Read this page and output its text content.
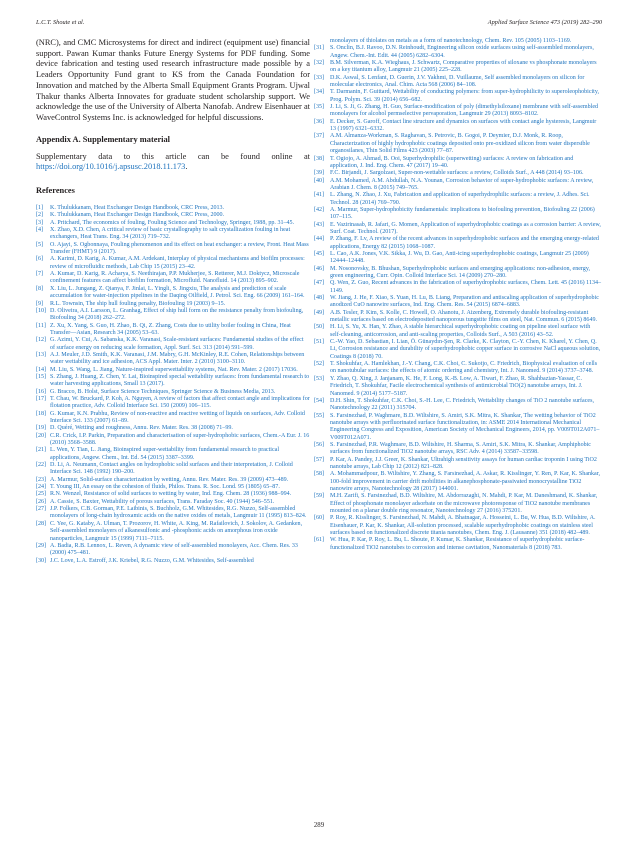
L.C.T. Shoute et al.	Applied Surface Science 473 (2019) 282–290

(NRC), and CMC Microsystems for direct and indirect (equipment use) financial support. Pawan Kumar thanks Future Energy Systems for PDF funding. Some device fabrication and testing used research infrastructure made possible by a Leaders Opportunity Fund grant to KS from the Canada Foundation for Innovation and matched by the Alberta Small Equipment Grants Program. Ujwal Thakur thanks Alberta Innovates for graduate student scholarship support. We acknowledge the use of the University of Alberta Nanofab. Andrew Eisenhauer at WaveControl Systems Inc. is acknowledged for helpful discussions.

Appendix A. Supplementary material

Supplementary data to this article can be found online at https://doi.org/10.1016/j.apsusc.2018.11.173.

References
[1]	K. Thulukkanam, Heat Exchanger Design Handbook, CRC Press, 2013.
[2]	K. Thulukkanam, Heat Exchanger Design Handbook, CRC Press, 2000.
[3]	A. Pritchard, The economics of fouling, Fouling Science and Technology, Springer, 1988, pp. 31–45.
[4]	X. Zhao, X.D. Chen, A critical review of basic crystallography to salt crystallization fouling in heat exchangers, Heat Trans. Eng. 34 (2013) 719–732.
[5]	O. Ajayi, S. Ogbonnaya, Fouling phenomenon and its effect on heat exchanger: a review, Front. Heat Mass Transfer (FHMT) 9 (2017).
[6]	A. Karimi, D. Karig, A. Kumar, A.M. Ardekani, Interplay of physical mechanisms and biofilm processes: review of microfluidic methods, Lab Chip 15 (2015) 23–42.
[7]	A. Kumar, D. Karig, R. Acharya, S. Neethirajan, P.P. Mukherjee, S. Retterer, M.J. Doktycz, Microscale confinement features can affect biofilm formation, Microfluid. Nanofluid. 14 (2013) 895–902.
[8]	X. Liu, L. Jungang, Z. Qianya, F. Jinlai, L. Yingli, S. Jingxiu, The analysis and prediction of scale accumulation for water-injection pipelines in the Daqing Oilfield, J. Petrol. Sci. Eng. 66 (2009) 161–164.
[9]	R.L. Townsin, The ship hull fouling penalty, Biofouling 19 (2003) 9–15.
[10] D. Oliveira, A.I. Larsson, L. Granhag, Effect of ship hull form on the resistance penalty from biofouling, Biofouling 34 (2018) 262–272.
[11] Z. Xu, X. Yang, S. Guo, H. Zhao, B. Qi, Z. Zhang, Costs due to utility boiler fouling in China, Heat Transfer—Asian, Research 34 (2005) 53–63.
[12] G. Azimi, Y. Cui, A. Sabanska, K.K. Varanasi, Scale-resistant surfaces: Fundamental studies of the effect of surface energy on reducing scale formation, Appl. Surf. Sci. 313 (2014) 591–599.
[13] A.J. Meuler, J.D. Smith, K.K. Varanasi, J.M. Mabry, G.H. McKinley, R.E. Cohen, Relationships between water wettability and ice adhesion, ACS Appl. Mater. Inter. 2 (2010) 3100–3110.
[14] M. Liu, S. Wang, L. Jiang, Nature-inspired superwettability systems, Nat. Rev. Mater. 2 (2017) 17036.
[15] S. Zhang, J. Huang, Z. Chen, Y. Lai, Bioinspired special wettability surfaces: from fundamental research to water harvesting applications, Small 13 (2017).
[16] G. Bracco, B. Holst, Surface Science Techniques, Springer Science & Business Media, 2013.
[17] T. Chau, W. Bruckard, P. Koh, A. Nguyen, A review of factors that affect contact angle and implications for flotation practice, Adv. Colloid Interface Sci. 150 (2009) 106–115.
[18] G. Kumar, K.N. Prabhu, Review of non-reactive and reactive wetting of liquids on surfaces, Adv. Colloid Interface Sci. 133 (2007) 61–89.
[19] D. Quéré, Wetting and roughness, Annu. Rev. Mater. Res. 38 (2008) 71–99.
[20] C.R. Crick, I.P. Parkin, Preparation and characterisation of super-hydrophobic surfaces, Chem.-A Eur. J. 16 (2010) 3568–3588.
[21] L. Wen, Y. Tian, L. Jiang, Bioinspired super-wettability from fundamental research to practical applications, Angew. Chem., Int. Ed. 54 (2015) 3387–3399.
[22] D. Li, A. Neumann, Contact angles on hydrophobic solid surfaces and their interpretation, J. Colloid Interface Sci. 148 (1992) 190–200.
[23] A. Marmur, Solid-surface characterization by wetting, Annu. Rev. Mater. Res. 39 (2009) 473–489.
[24] T. Young III, An essay on the cohesion of fluids, Philos. Trans. R. Soc. Lond. 95 (1805) 65–87.
[25] R.N. Wenzel, Resistance of solid surfaces to wetting by water, Ind. Eng. Chem. 28 (1936) 988–994.
[26] A. Cassie, S. Baxter, Wettability of porous surfaces, Trans. Faraday Soc. 40 (1944) 546–551.
[27] J.P. Folkers, C.B. Gorman, P.E. Laibinis, S. Buchholz, G.M. Whitesides, R.G. Nuzzo, Self-assembled monolayers of long-chain hydroxamic acids on the native oxides of metals, Langmuir 11 (1995) 813–824.
[28] C. Yee, G. Kataby, A. Ulman, T. Prozorov, H. White, A. King, M. Rafailovich, J. Sokolov, A. Gedanken, Self-assembled monolayers of alkanesulfonic and -phosphonic acids on amorphous iron oxide nanoparticles, Langmuir 15 (1999) 7111–7115.
[29] A. Badia, R.B. Lennox, L. Reven, A dynamic view of self-assembled monolayers, Acc. Chem. Res. 33 (2000) 475–481.
[30] J.C. Love, L.A. Estroff, J.K. Kriebel, R.G. Nuzzo, G.M. Whitesides, Self-assembled
monolayers of thiolates on metals as a form of nanotechnology, Chem. Rev. 105 (2005) 1103–1169.
[31] S. Onclin, B.J. Ravoo, D.N. Reinhoudt, Engineering silicon oxide surfaces using self-assembled monolayers, Angew. Chem.-Int. Edit. 44 (2005) 6282–6304.
[32] B.M. Silverman, K.A. Wieghaus, J. Schwartz, Comparative properties of siloxane vs phosphonate monolayers on a key titanium alloy, Langmuir 21 (2005) 225–228.
[33] D.K. Aswal, S. Lenfant, D. Guerin, J.V. Yakhmi, D. Vuillaume, Self assembled monolayers on silicon for molecular electronics, Anal. Chim. Acta 568 (2006) 84–108.
[34] T. Darmanin, F. Guittard, Wettability of conducting polymers: from super-hydrophilicity to superoleophobicity, Prog. Polym. Sci. 39 (2014) 656–682.
[35] J. Li, S. Ji, G. Zhang, H. Guo, Surface-modification of poly (dimethylsiloxane) membrane with self-assembled monolayers for alcohol permselective pervaporation, Langmuir 29 (2013) 8093–8102.
[36] E. Decker, S. Garoff, Contact line structure and dynamics on surfaces with contact angle hysteresis, Langmuir 13 (1997) 6321–6332.
[37] A.M. Almanza-Workman, S. Raghavan, S. Petrovic, B. Gogoi, P. Deymier, D.J. Monk, R. Roop, Characterization of highly hydrophobic coatings deposited onto pre-oxidized silicon from water dispersible organosilanes, Thin Solid Films 423 (2003) 77–87.
[38] T. Ogiojo, A. Ahmad, B. Ooi, Superhydrophilic (superwetting) surfaces: A review on fabrication and application, J. Ind. Eng. Chem. 47 (2017) 19–40.
[39] F.C. Birjandi, J. Sargolzaei, Super-non-wettable surfaces: a review, Colloids Surf., A 448 (2014) 93–106.
[40] A.M. Mohamed, A.M. Abdullah, N.A. Younan, Corrosion behavior of super-hydrophobic surfaces: A review, Arabian J. Chem. 8 (2015) 749–765.
[41] L. Zhang, N. Zhao, J. Xu, Fabrication and application of superhydrophilic surfaces: a review, J. Adhes. Sci. Technol. 28 (2014) 769–790.
[42] A. Marmur, Super-hydrophobicity fundamentals: implications to biofouling prevention, Biofouling 22 (2006) 107–115.
[43] E. Vazirinasab, R. Jafari, G. Momen, Application of superhydrophobic coatings as a corrosion barrier: A review, Surf. Coat. Technol. (2017).
[44] P. Zhang, F. Lv, A review of the recent advances in superhydrophobic surfaces and the emerging energy-related applications, Energy 82 (2015) 1068–1087.
[45] L. Cao, A.K. Jones, V.K. Sikka, J. Wu, D. Gao, Anti-icing superhydrophobic coatings, Langmuir 25 (2009) 12444–12448.
[46] M. Nosonovsky, B. Bhushan, Superhydrophobic surfaces and emerging applications: non-adhesion, energy, green engineering, Curr. Opin. Colloid Interface Sci. 14 (2009) 270–280.
[47] Q. Wen, Z. Guo, Recent advances in the fabrication of superhydrophobic surfaces, Chem. Lett. 45 (2016) 1134–1149.
[48] W. Jiang, J. He, F. Xiao, S. Yuan, H. Lu, B. Liang, Preparation and antiscaling application of superhydrophobic anodized CuO nanowire surfaces, Ind. Eng. Chem. Res. 54 (2015) 6874–6883.
[49] A.B. Tesler, P. Kim, S. Kolle, C. Howell, O. Ahanotu, J. Aizenberg, Extremely durable biofouling-resistant metallic surfaces based on electrodeposited nanoporous tungstite films on steel, Nat. Commun. 6 (2015) 8649.
[50] H. Li, S. Yu, X. Han, Y. Zhao, A stable hierarchical superhydrophobic coating on pipeline steel surface with self-cleaning, anticorrosion, and anti-scaling properties, Colloids Surf., A 503 (2016) 43–52.
[51] C.-W. Yao, D. Sebastian, I. Lian, Ö. Günaydın-Şen, R. Clarke, K. Clayton, C.-Y. Chen, K. Kharel, Y. Chen, Q. Li, Corrosion resistance and durability of superhydrophobic copper surface in corrosive NaCl aqueous solution, Coatings 8 (2018) 70.
[52] T. Shokuhfar, A. Hamlekhan, J.-Y. Chang, C.K. Choi, C. Sukotjo, C. Friedrich, Biophysical evaluation of cells on nanotubular surfaces: the effects of atomic ordering and chemistry, Int. J. Nanomed. 9 (2014) 3737–3748.
[53] Y. Zhao, Q. Xing, J. Janjanam, K. He, F. Long, K.-B. Low, A. Tiwari, F. Zhao, R. Shahbazian-Yassar, C. Friedrich, T. Shokuhfar, Facile electrochemical synthesis of antimicrobial TiO(2) nanotube arrays, Int. J. Nanomed. 9 (2014) 5177–5187.
[54] D.H. Shin, T. Shokuhfar, C.K. Choi, S.-H. Lee, C. Friedrich, Wettability changes of TiO 2 nanotube surfaces, Nanotechnology 22 (2011) 315704.
[55] S. Farsinezhad, P. Waghmare, B.D. Wiltshire, S. Amiri, S.K. Mitra, K. Shankar, The wetting behavior of TiO2 nanotube arrays with perfluorinated surface functionalization, in: ASME 2014 International Mechanical Engineering Congress and Exposition, American Society of Mechanical Engineers, 2014, pp. V009T012A071–V009T012A071.
[56] S. Farsinezhad, P.R. Waghmare, B.D. Wiltshire, H. Sharma, S. Amiri, S.K. Mitra, K. Shankar, Amphiphobic surfaces from functionalized TiO2 nanotube arrays, RSC Adv. 4 (2014) 33587–33598.
[57] P. Kar, A. Pandey, J.J. Greer, K. Shankar, Ultrahigh sensitivity assays for human cardiac troponin I using TiO2 nanotube arrays, Lab Chip 12 (2012) 821–828.
[58] A. Mohammadpour, B. Wiltshire, Y. Zhang, S. Farsinezhad, A. Askar, R. Kisslinger, Y. Ren, P. Kar, K. Shankar, 100-fold improvement in carrier drift mobilities in alkanephosphonate-passivated monocrystalline TiO2 nanowire arrays, Nanotechnology 28 (2017) 144001.
[59] M.H. Zarifi, S. Farsinezhad, B.D. Wiltshire, M. Abdorrazaghi, N. Mahdi, P. Kar, M. Daneshmand, K. Shankar, Effect of phosphonate monolayer adsorbate on the microwave photoresponse of TiO2 nanotube membranes mounted on a planar double ring resonator, Nanotechnology 27 (2016) 375201.
[60] P. Roy, R. Kisslinger, S. Farsinezhad, N. Mahdi, A. Bhatnagar, A. Hosseini, L. Bu, W. Hua, B.D. Wiltshire, A. Eisenhauer, P. Kar, K. Shankar, All-solution processed, scalable superhydrophobic coatings on stainless steel surfaces based on functionalized discrete titania nanotubes, Chem. Eng. J. (Lausanne) 351 (2018) 482–489.
[61] W. Hua, P. Kar, P. Roy, L. Bu, L. Shoute, P. Kumar, K. Shankar, Resistance of superhydrophobic surface-functionalized TiO2 nanotubes to corrosion and intense cavitation, Nanomaterials 8 (2018) 783.
289
